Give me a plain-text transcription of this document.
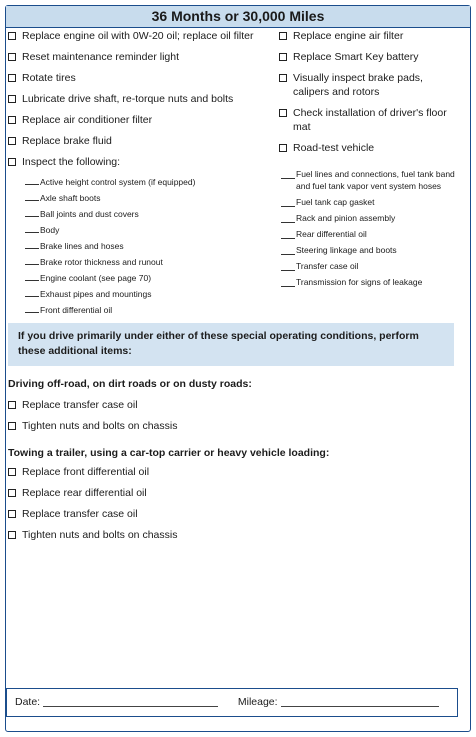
36 Months or 30,000 Miles
Replace engine oil with 0W-20 oil; replace oil filter
Reset maintenance reminder light
Rotate tires
Lubricate drive shaft, re-torque nuts and bolts
Replace air conditioner filter
Replace brake fluid
Inspect the following:
Active height control system (if equipped)
Axle shaft boots
Ball joints and dust covers
Body
Brake lines and hoses
Brake rotor thickness and runout
Engine coolant (see page 70)
Exhaust pipes and mountings
Front differential oil
Replace engine air filter
Replace Smart Key battery
Visually inspect brake pads, calipers and rotors
Check installation of driver's floor mat
Road-test vehicle
Fuel lines and connections, fuel tank band and fuel tank vapor vent system hoses
Fuel tank cap gasket
Rack and pinion assembly
Rear differential oil
Steering linkage and boots
Transfer case oil
Transmission for signs of leakage
If you drive primarily under either of these special operating conditions, perform these additional items:
Driving off-road, on dirt roads or on dusty roads:
Replace transfer case oil
Tighten nuts and bolts on chassis
Towing a trailer, using a car-top carrier or heavy vehicle loading:
Replace front differential oil
Replace rear differential oil
Replace transfer case oil
Tighten nuts and bolts on chassis
Date:	Mileage:
